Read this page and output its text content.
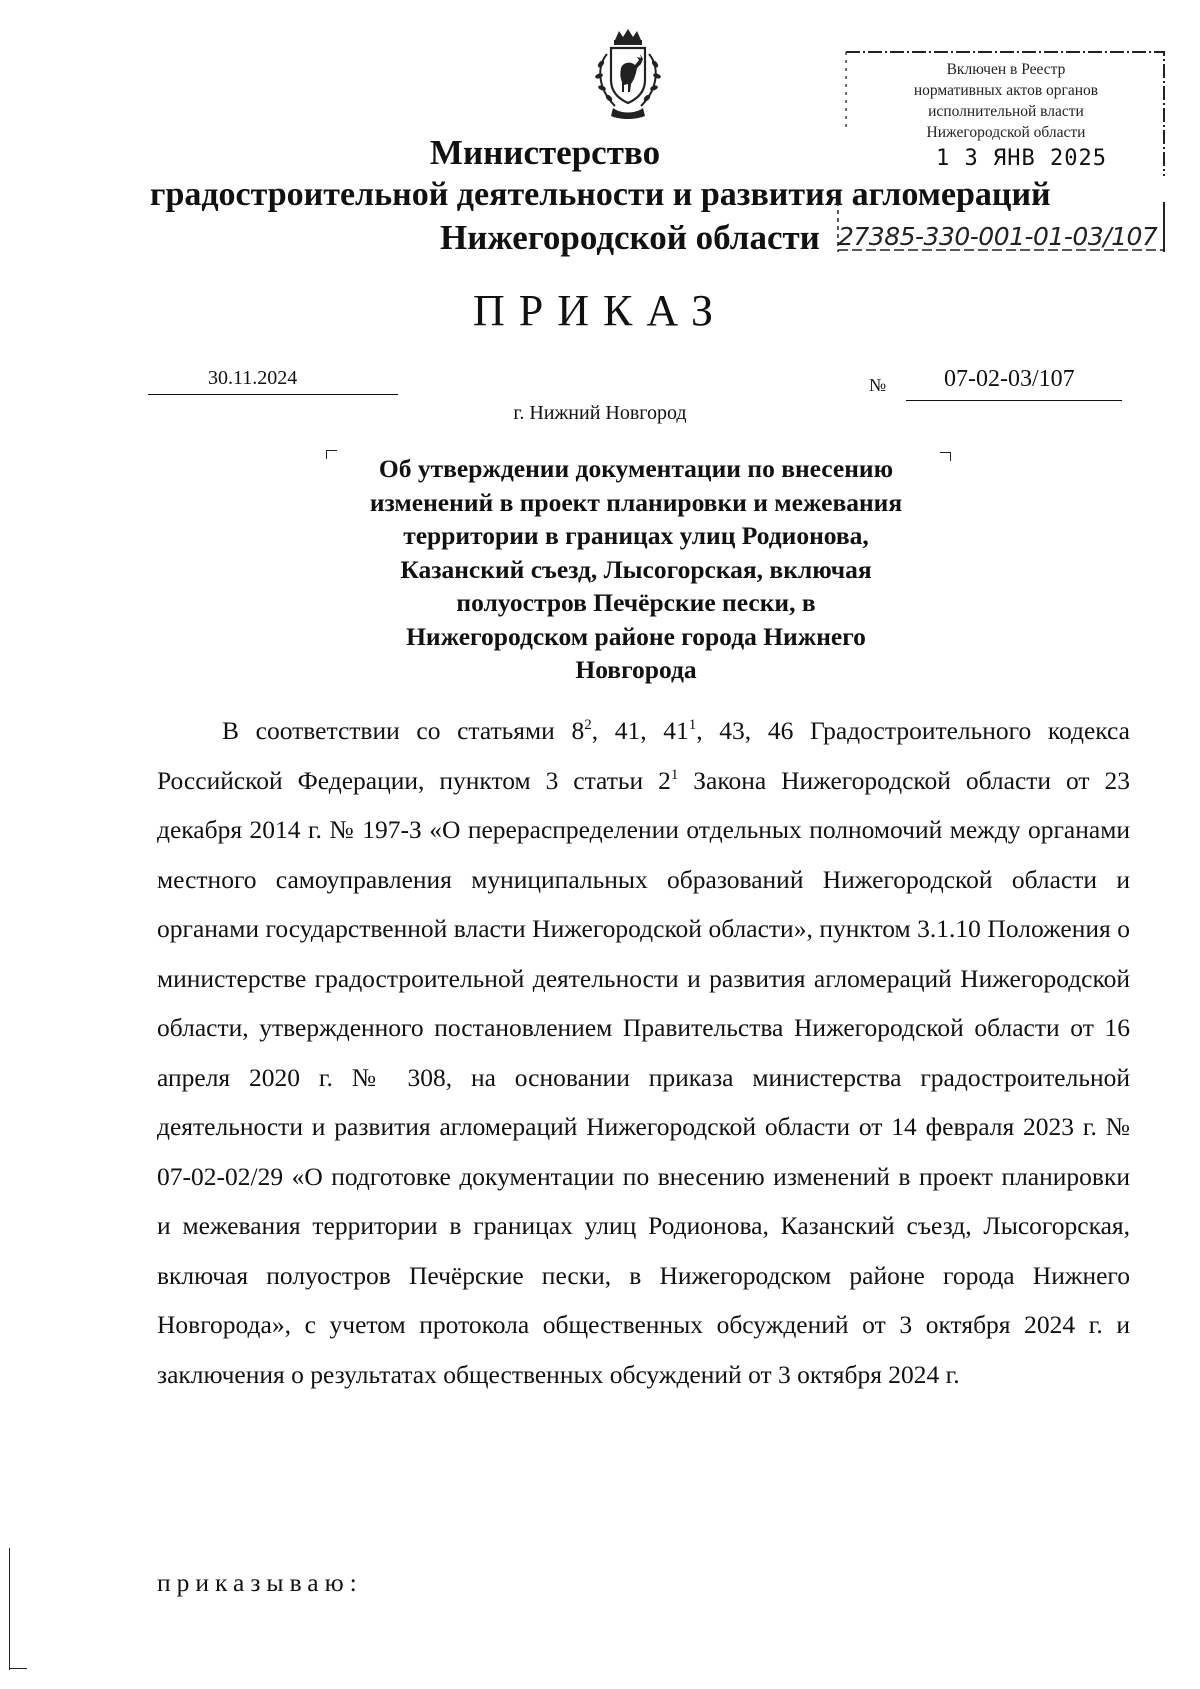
Министерство
градостроительной деятельности и развития агломераций
Нижегородской области
Включен в Реестр
нормативных актов органов
исполнительной власти
Нижегородской области
1 3 ЯНВ 2025
27385-330-001-01-03/107
ПРИКАЗ
30.11.2024	№ 07-02-03/107
г. Нижний Новгород
Об утверждении документации по внесению
изменений в проект планировки и межевания
территории в границах улиц Родионова,
Казанский съезд, Лысогорская, включая
полуостров Печёрские пески, в
Нижегородском районе города Нижнего
Новгорода
В соответствии со статьями $8^2$, 41, $41^1$, 43, 46 Градостроительного кодекса Российской Федерации, пунктом 3 статьи $2^1$ Закона Нижегородской области от 23 декабря 2014 г. № 197-З «О перераспределении отдельных полномочий между органами местного самоуправления муниципальных образований Нижегородской области и органами государственной власти Нижегородской области», пунктом 3.1.10 Положения о министерстве градостроительной деятельности и развития агломераций Нижегородской области, утвержденного постановлением Правительства Нижегородской области от 16 апреля 2020 г. № 308, на основании приказа министерства градостроительной деятельности и развития агломераций Нижегородской области от 14 февраля 2023 г. № 07-02-02/29 «О подготовке документации по внесению изменений в проект планировки и межевания территории в границах улиц Родионова, Казанский съезд, Лысогорская, включая полуостров Печёрские пески, в Нижегородском районе города Нижнего Новгорода», с учетом протокола общественных обсуждений от 3 октября 2024 г. и заключения о результатах общественных обсуждений от 3 октября 2024 г.
приказываю:
